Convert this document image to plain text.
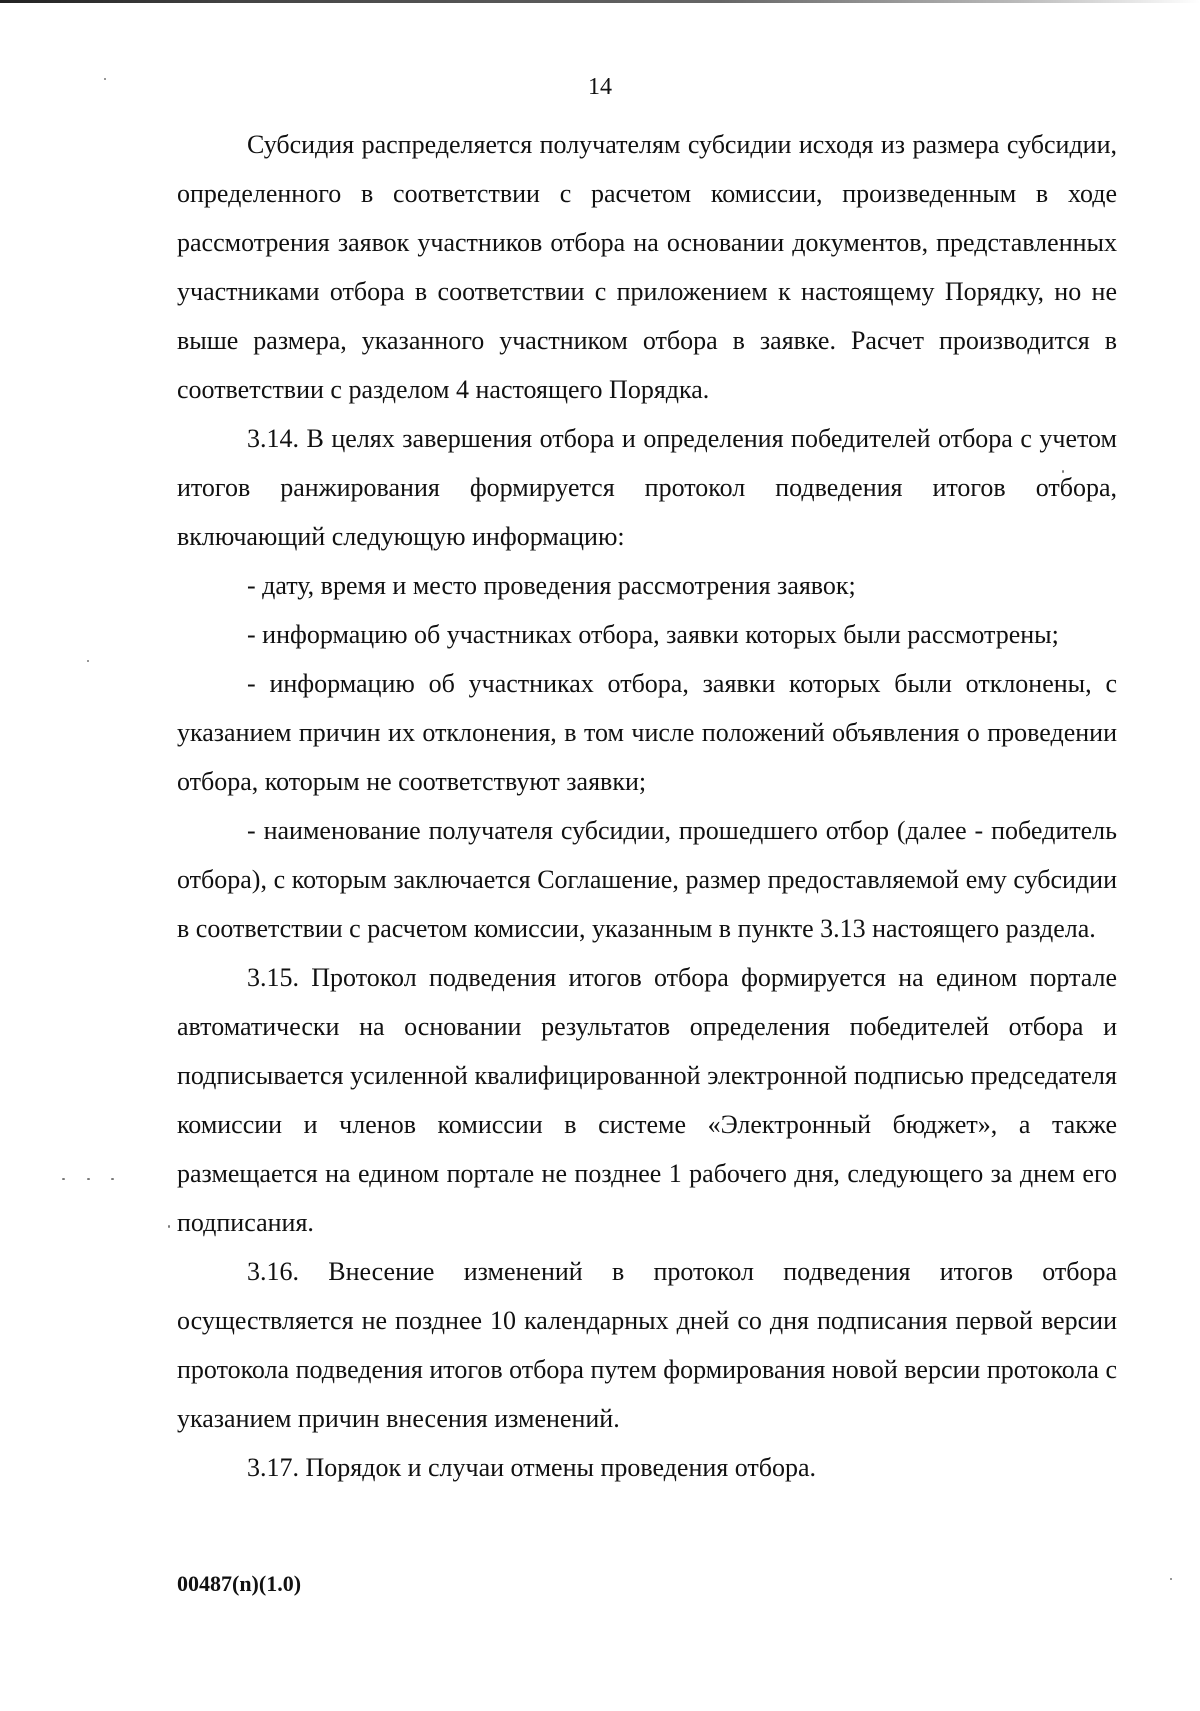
14

Субсидия распределяется получателям субсидии исходя из размера субсидии, определенного в соответствии с расчетом комиссии, произведенным в ходе рассмотрения заявок участников отбора на основании документов, представленных участниками отбора в соответствии с приложением к настоящему Порядку, но не выше размера, указанного участником отбора в заявке. Расчет производится в соответствии с разделом 4 настоящего Порядка.

3.14. В целях завершения отбора и определения победителей отбора с учетом итогов ранжирования формируется протокол подведения итогов отбора, включающий следующую информацию:

- дату, время и место проведения рассмотрения заявок;

- информацию об участниках отбора, заявки которых были рассмотрены;

- информацию об участниках отбора, заявки которых были отклонены, с указанием причин их отклонения, в том числе положений объявления о проведении отбора, которым не соответствуют заявки;

- наименование получателя субсидии, прошедшего отбор (далее - победитель отбора), с которым заключается Соглашение, размер предоставляемой ему субсидии в соответствии с расчетом комиссии, указанным в пункте 3.13 настоящего раздела.

3.15. Протокол подведения итогов отбора формируется на едином портале автоматически на основании результатов определения победителей отбора и подписывается усиленной квалифицированной электронной подписью председателя комиссии и членов комиссии в системе «Электронный бюджет», а также размещается на едином портале не позднее 1 рабочего дня, следующего за днем его подписания.

3.16. Внесение изменений в протокол подведения итогов отбора осуществляется не позднее 10 календарных дней со дня подписания первой версии протокола подведения итогов отбора путем формирования новой версии протокола с указанием причин внесения изменений.

3.17. Порядок и случаи отмены проведения отбора.

00487(n)(1.0)
